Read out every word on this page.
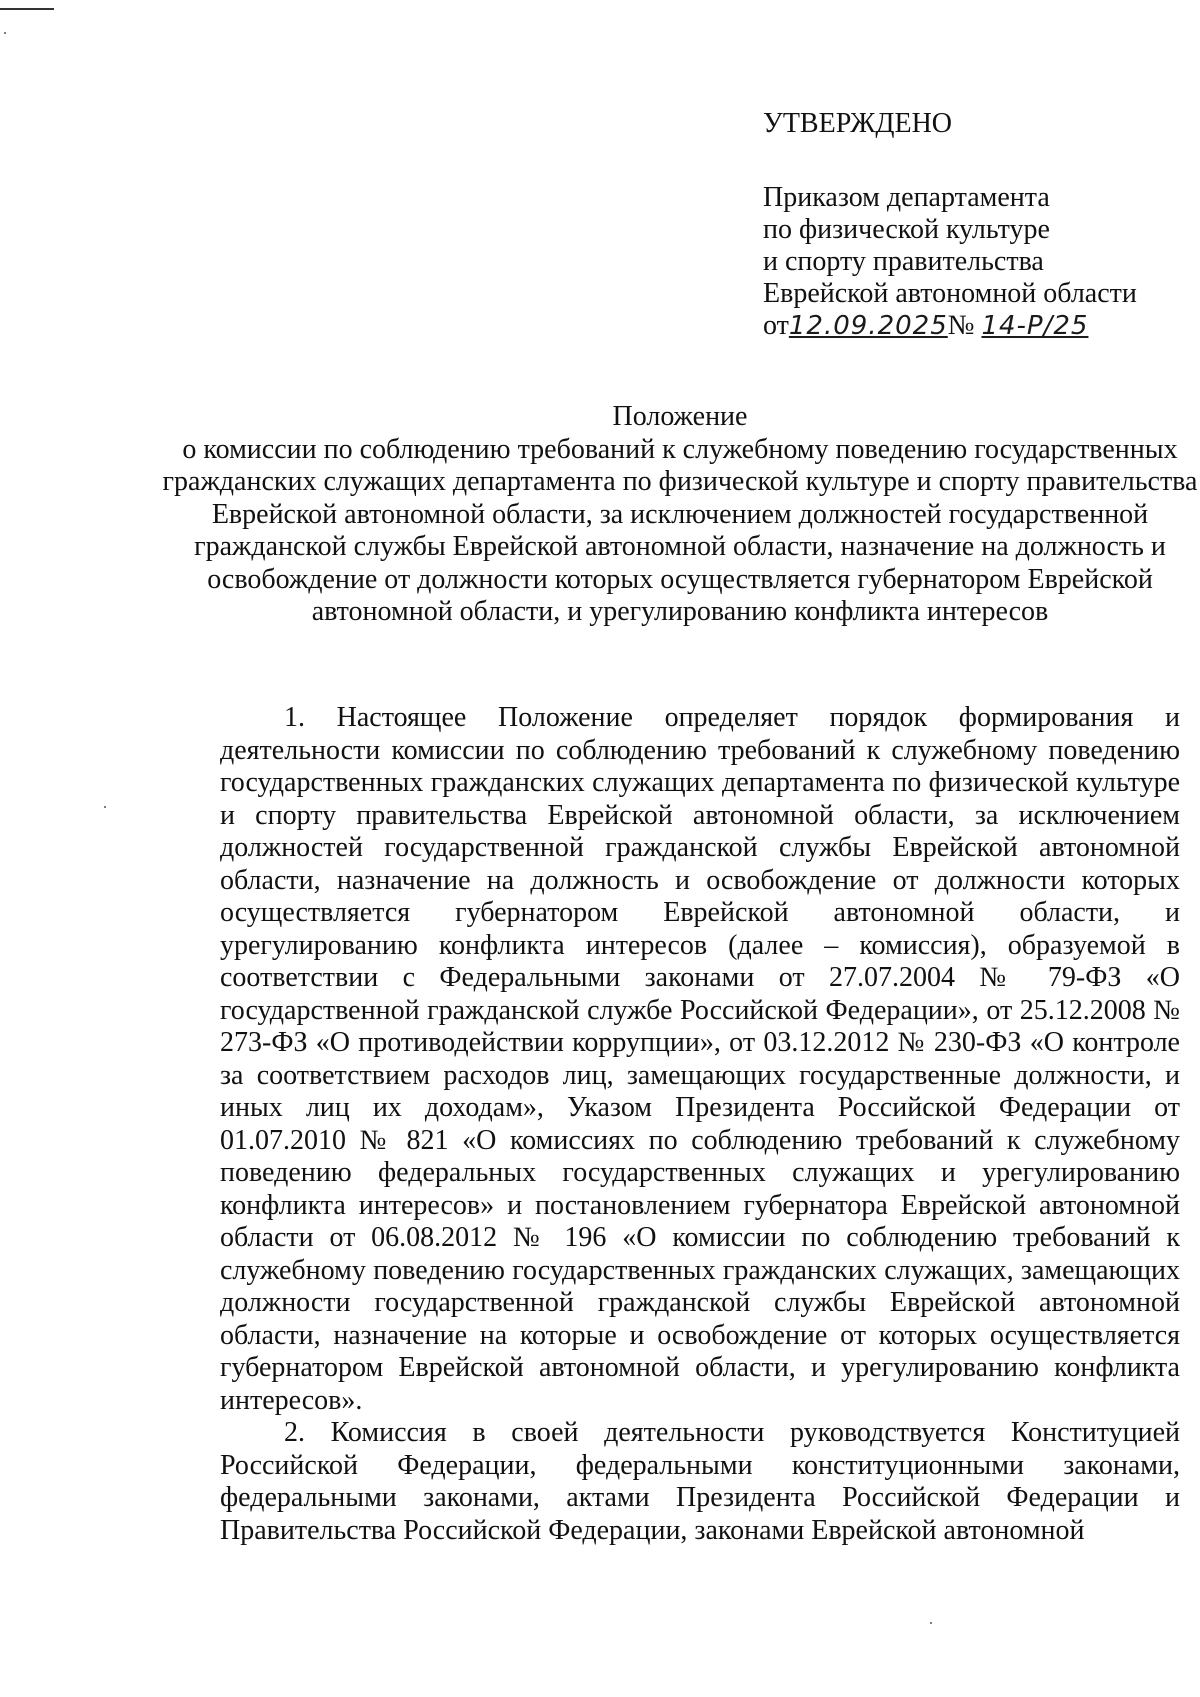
УТВЕРЖДЕНО
Приказом департамента
по физической культуре
и спорту правительства
Еврейской автономной области
от12.09.2025№ 14-Р/25
Положение
о комиссии по соблюдению требований к служебному поведению государственных гражданских служащих департамента по физической культуре и спорту правительства Еврейской автономной области, за исключением должностей государственной гражданской службы Еврейской автономной области, назначение на должность и освобождение от должности которых осуществляется губернатором Еврейской автономной области, и урегулированию конфликта интересов

1. Настоящее Положение определяет порядок формирования и деятельности комиссии по соблюдению требований к служебному поведению государственных гражданских служащих департамента по физической культуре и спорту правительства Еврейской автономной области, за исключением должностей государственной гражданской службы Еврейской автономной области, назначение на должность и освобождение от должности которых осуществляется губернатором Еврейской автономной области, и урегулированию конфликта интересов (далее – комиссия), образуемой в соответствии с Федеральными законами от 27.07.2004 № 79-ФЗ «О государственной гражданской службе Российской Федерации», от 25.12.2008 № 273-ФЗ «О противодействии коррупции», от 03.12.2012 № 230-ФЗ «О контроле за соответствием расходов лиц, замещающих государственные должности, и иных лиц их доходам», Указом Президента Российской Федерации от 01.07.2010 № 821 «О комиссиях по соблюдению требований к служебному поведению федеральных государственных служащих и урегулированию конфликта интересов» и постановлением губернатора Еврейской автономной области от 06.08.2012 № 196 «О комиссии по соблюдению требований к служебному поведению государственных гражданских служащих, замещающих должности государственной гражданской службы Еврейской автономной области, назначение на которые и освобождение от которых осуществляется губернатором Еврейской автономной области, и урегулированию конфликта интересов».

2. Комиссия в своей деятельности руководствуется Конституцией Российской Федерации, федеральными конституционными законами, федеральными законами, актами Президента Российской Федерации и Правительства Российской Федерации, законами Еврейской автономной
